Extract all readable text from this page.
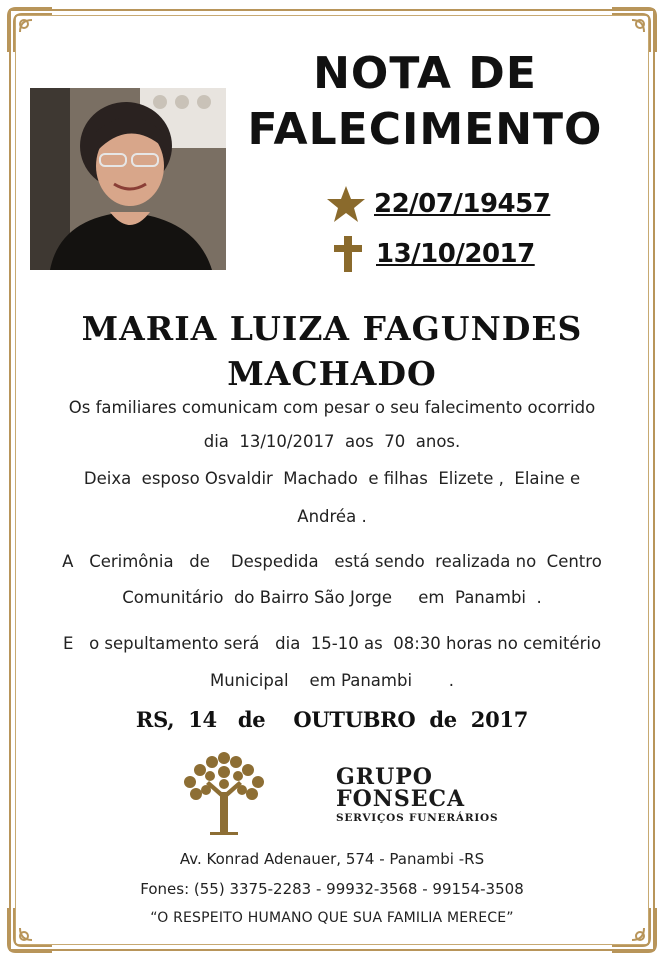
NOTA DE
FALECIMENTO
22/07/19457
13/10/2017
MARIA LUIZA FAGUNDES
MACHADO
Os familiares comunicam com pesar o seu falecimento ocorrido
dia  13/10/2017  aos  70  anos.
Deixa  esposo Osvaldir  Machado  e filhas  Elizete ,  Elaine e
Andréa .
A   Cerimônia   de    Despedida   está sendo  realizada no  Centro
Comunitário  do Bairro São Jorge     em  Panambi  .
E   o sepultamento será   dia  15-10 as  08:30 horas no cemitério
Municipal    em Panambi       .
RS,  14   de    OUTUBRO  de  2017
GRUPO
FONSECA
SERVIÇOS FUNERÁRIOS
Av. Konrad Adenauer, 574 - Panambi -RS
Fones: (55) 3375-2283 - 99932-3568 - 99154-3508
“O RESPEITO HUMANO QUE SUA FAMILIA MERECE”
